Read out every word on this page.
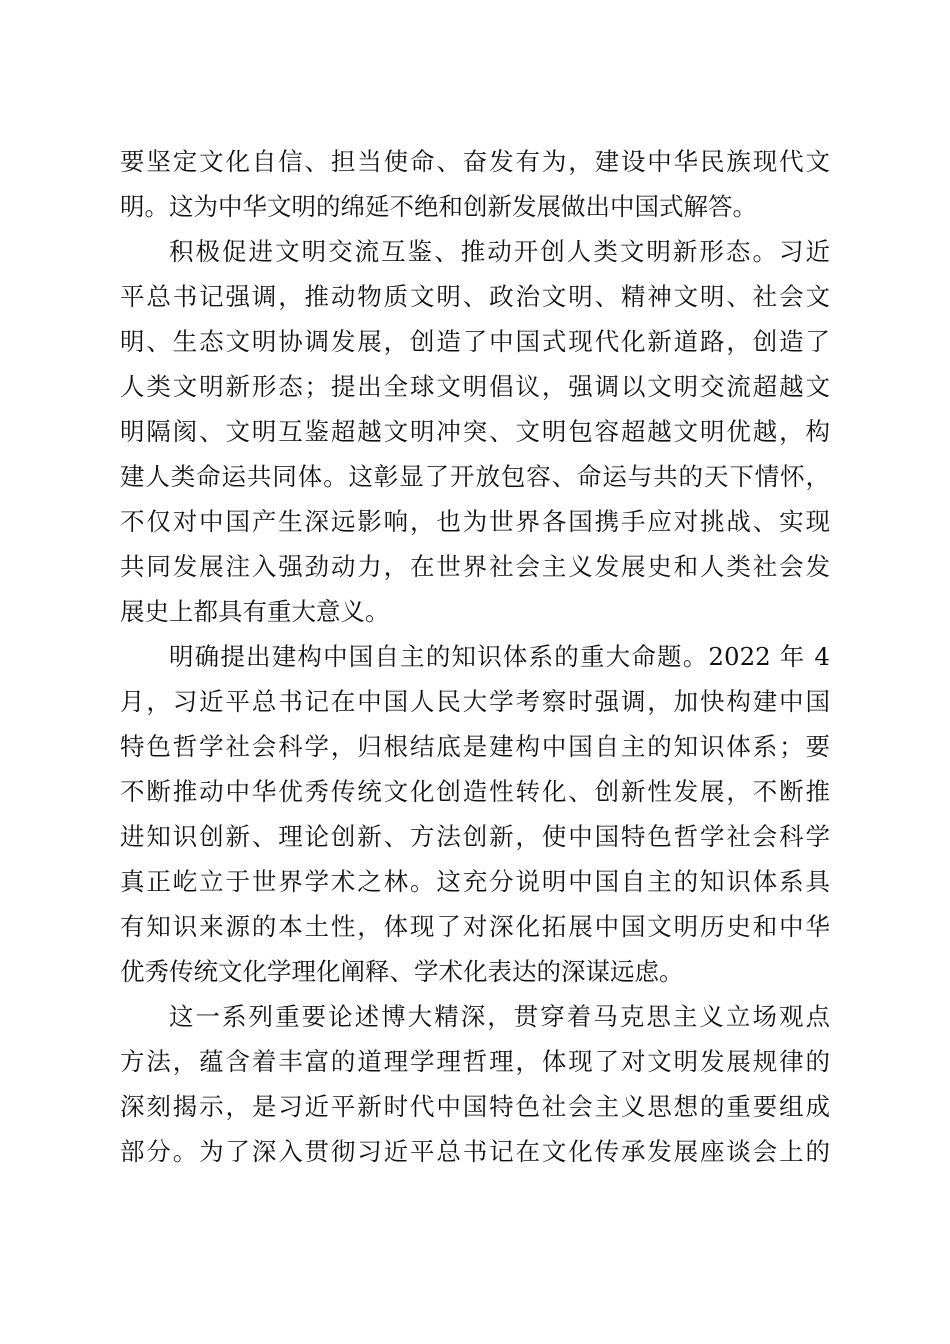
要坚定文化自信、担当使命、奋发有为，建设中华民族现代文
明。这为中华文明的绵延不绝和创新发展做出中国式解答。
积极促进文明交流互鉴、推动开创人类文明新形态。习近
平总书记强调，推动物质文明、政治文明、精神文明、社会文
明、生态文明协调发展，创造了中国式现代化新道路，创造了
人类文明新形态；提出全球文明倡议，强调以文明交流超越文
明隔阂、文明互鉴超越文明冲突、文明包容超越文明优越，构
建人类命运共同体。这彰显了开放包容、命运与共的天下情怀，
不仅对中国产生深远影响，也为世界各国携手应对挑战、实现
共同发展注入强劲动力，在世界社会主义发展史和人类社会发
展史上都具有重大意义。
明确提出建构中国自主的知识体系的重大命题。2022 年 4
月，习近平总书记在中国人民大学考察时强调，加快构建中国
特色哲学社会科学，归根结底是建构中国自主的知识体系；要
不断推动中华优秀传统文化创造性转化、创新性发展，不断推
进知识创新、理论创新、方法创新，使中国特色哲学社会科学
真正屹立于世界学术之林。这充分说明中国自主的知识体系具
有知识来源的本土性，体现了对深化拓展中国文明历史和中华
优秀传统文化学理化阐释、学术化表达的深谋远虑。
这一系列重要论述博大精深，贯穿着马克思主义立场观点
方法，蕴含着丰富的道理学理哲理，体现了对文明发展规律的
深刻揭示，是习近平新时代中国特色社会主义思想的重要组成
部分。为了深入贯彻习近平总书记在文化传承发展座谈会上的
